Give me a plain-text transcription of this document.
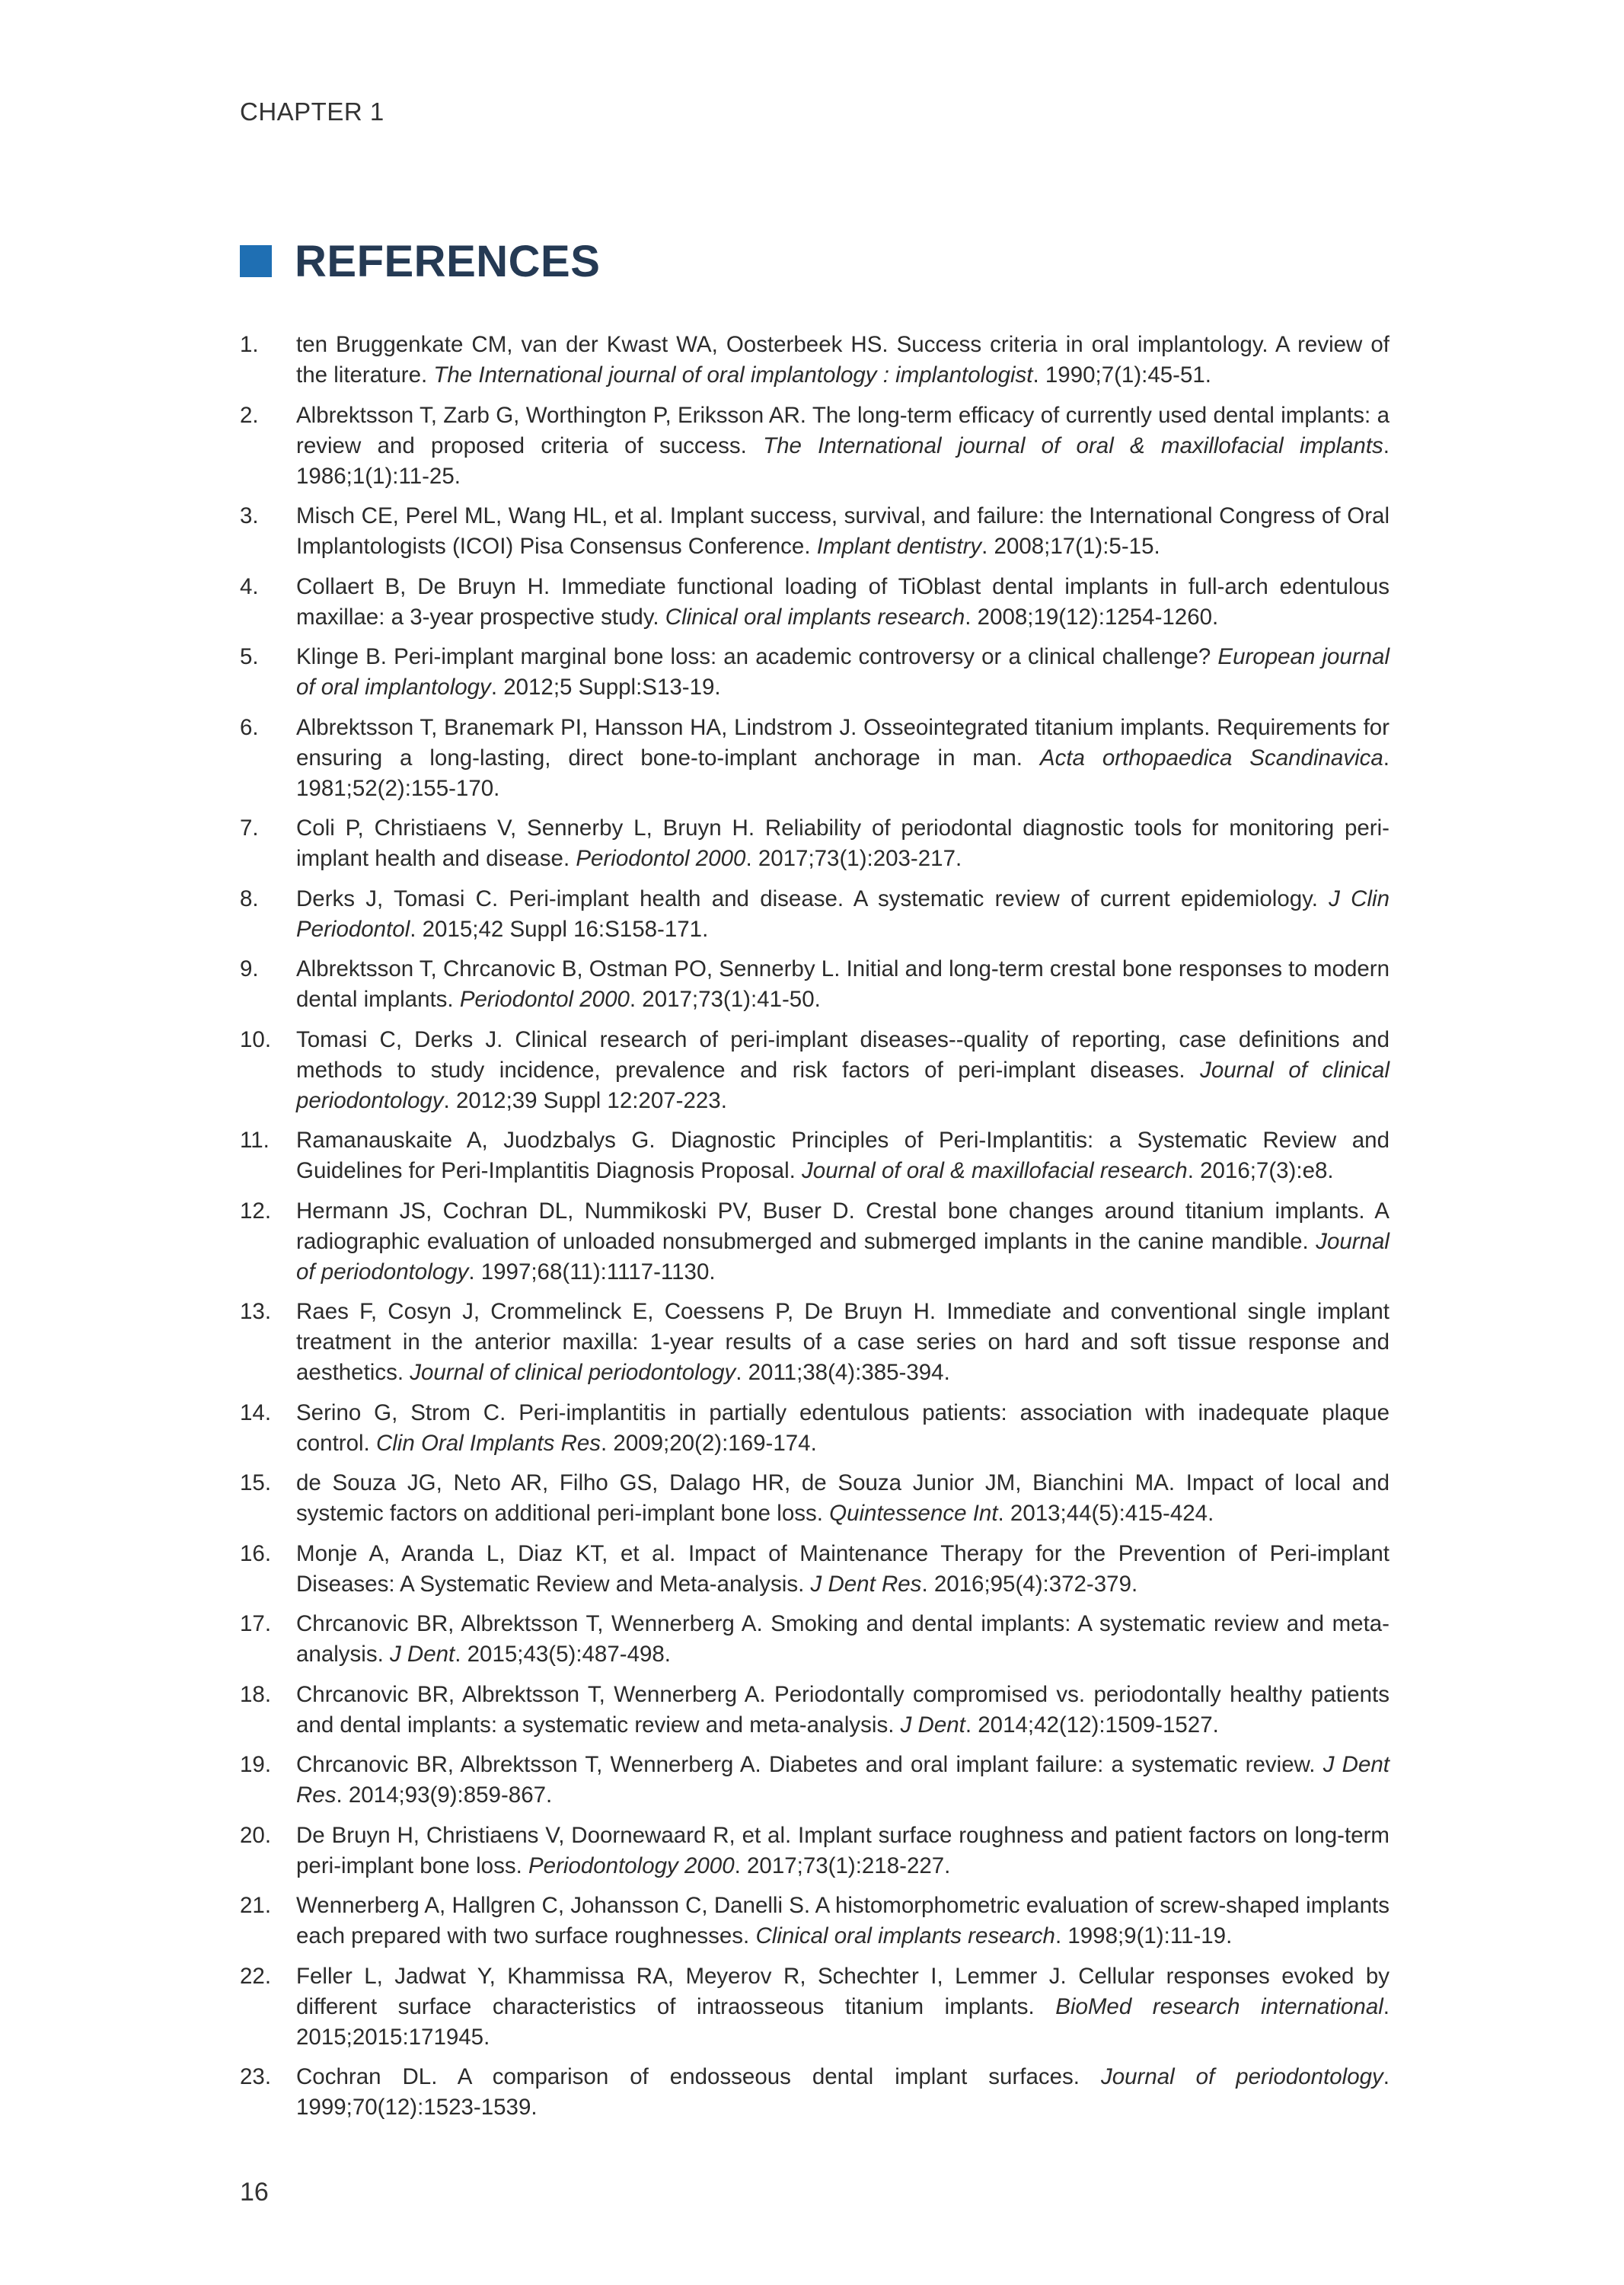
CHAPTER 1
REFERENCES
1.	ten Bruggenkate CM, van der Kwast WA, Oosterbeek HS. Success criteria in oral implantology. A review of the literature. The International journal of oral implantology : implantologist. 1990;7(1):45-51.
2.	Albrektsson T, Zarb G, Worthington P, Eriksson AR. The long-term efficacy of currently used dental implants: a review and proposed criteria of success. The International journal of oral & maxillofacial implants. 1986;1(1):11-25.
3.	Misch CE, Perel ML, Wang HL, et al. Implant success, survival, and failure: the International Congress of Oral Implantologists (ICOI) Pisa Consensus Conference. Implant dentistry. 2008;17(1):5-15.
4.	Collaert B, De Bruyn H. Immediate functional loading of TiOblast dental implants in full-arch edentulous maxillae: a 3-year prospective study. Clinical oral implants research. 2008;19(12):1254-1260.
5.	Klinge B. Peri-implant marginal bone loss: an academic controversy or a clinical challenge? European journal of oral implantology. 2012;5 Suppl:S13-19.
6.	Albrektsson T, Branemark PI, Hansson HA, Lindstrom J. Osseointegrated titanium implants. Requirements for ensuring a long-lasting, direct bone-to-implant anchorage in man. Acta orthopaedica Scandinavica. 1981;52(2):155-170.
7.	Coli P, Christiaens V, Sennerby L, Bruyn H. Reliability of periodontal diagnostic tools for monitoring peri-implant health and disease. Periodontol 2000. 2017;73(1):203-217.
8.	Derks J, Tomasi C. Peri-implant health and disease. A systematic review of current epidemiology. J Clin Periodontol. 2015;42 Suppl 16:S158-171.
9.	Albrektsson T, Chrcanovic B, Ostman PO, Sennerby L. Initial and long-term crestal bone responses to modern dental implants. Periodontol 2000. 2017;73(1):41-50.
10.	Tomasi C, Derks J. Clinical research of peri-implant diseases--quality of reporting, case definitions and methods to study incidence, prevalence and risk factors of peri-implant diseases. Journal of clinical periodontology. 2012;39 Suppl 12:207-223.
11.	Ramanauskaite A, Juodzbalys G. Diagnostic Principles of Peri-Implantitis: a Systematic Review and Guidelines for Peri-Implantitis Diagnosis Proposal. Journal of oral & maxillofacial research. 2016;7(3):e8.
12.	Hermann JS, Cochran DL, Nummikoski PV, Buser D. Crestal bone changes around titanium implants. A radiographic evaluation of unloaded nonsubmerged and submerged implants in the canine mandible. Journal of periodontology. 1997;68(11):1117-1130.
13.	Raes F, Cosyn J, Crommelinck E, Coessens P, De Bruyn H. Immediate and conventional single implant treatment in the anterior maxilla: 1-year results of a case series on hard and soft tissue response and aesthetics. Journal of clinical periodontology. 2011;38(4):385-394.
14.	Serino G, Strom C. Peri-implantitis in partially edentulous patients: association with inadequate plaque control. Clin Oral Implants Res. 2009;20(2):169-174.
15.	de Souza JG, Neto AR, Filho GS, Dalago HR, de Souza Junior JM, Bianchini MA. Impact of local and systemic factors on additional peri-implant bone loss. Quintessence Int. 2013;44(5):415-424.
16.	Monje A, Aranda L, Diaz KT, et al. Impact of Maintenance Therapy for the Prevention of Peri-implant Diseases: A Systematic Review and Meta-analysis. J Dent Res. 2016;95(4):372-379.
17.	Chrcanovic BR, Albrektsson T, Wennerberg A. Smoking and dental implants: A systematic review and meta-analysis. J Dent. 2015;43(5):487-498.
18.	Chrcanovic BR, Albrektsson T, Wennerberg A. Periodontally compromised vs. periodontally healthy patients and dental implants: a systematic review and meta-analysis. J Dent. 2014;42(12):1509-1527.
19.	Chrcanovic BR, Albrektsson T, Wennerberg A. Diabetes and oral implant failure: a systematic review. J Dent Res. 2014;93(9):859-867.
20.	De Bruyn H, Christiaens V, Doornewaard R, et al. Implant surface roughness and patient factors on long-term peri-implant bone loss. Periodontology 2000. 2017;73(1):218-227.
21.	Wennerberg A, Hallgren C, Johansson C, Danelli S. A histomorphometric evaluation of screw-shaped implants each prepared with two surface roughnesses. Clinical oral implants research. 1998;9(1):11-19.
22.	Feller L, Jadwat Y, Khammissa RA, Meyerov R, Schechter I, Lemmer J. Cellular responses evoked by different surface characteristics of intraosseous titanium implants. BioMed research international. 2015;2015:171945.
23.	Cochran DL. A comparison of endosseous dental implant surfaces. Journal of periodontology. 1999;70(12):1523-1539.
16
